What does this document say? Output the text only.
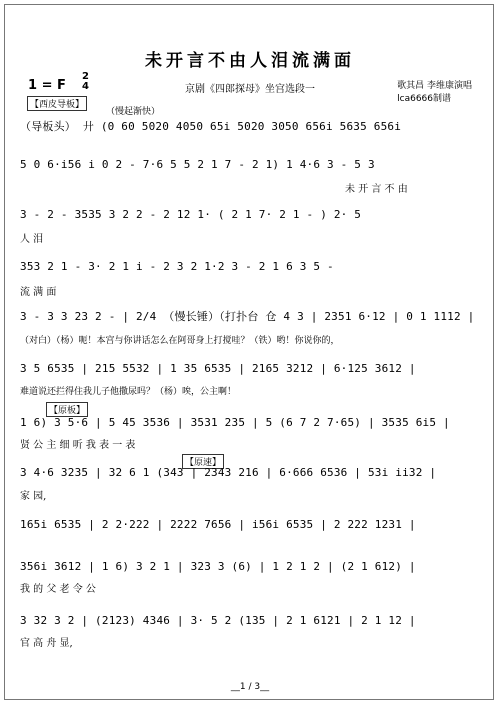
未开言不由人泪流满面
1 = F
2
4	京剧《四郎探母》坐宫选段一	歌其昌 李维康演唱
lca6666制谱
【西皮导板】
（慢起渐快）
（导板头） 廾 (0 60 5020 4050 65i 5020 3050 656i 5635 656i
5 0 6·i56 i 0 2 - 7·6 5 5 2 1 7 - 2 1) 1 4·6 3 - 5 3
未 开 言 不 由
3 - 2 - 3535 3 2 2 - 2 12 1· ( 2 1 7· 2 1 - ) 2· 5
人 泪
353 2 1 - 3· 2 1 i - 2 3 2 1·2 3 - 2 1 6 3 5 -
流 满 面
3 - 3 3 23 2 - | 2/4 （慢长锤）（打扑台 仓 4 3 | 2351 6·12 | 0 1 1112 |
（对白）（杨）呃！本宫与你讲话怎么在阿哥身上打搅哇？（铁）哟！你说你的，
3 5 6535 | 215 5532 | 1 35 6535 | 2165 3212 | 6·125 3612 |
难道说还拦得住我儿子他撒尿吗？（杨）唉，公主啊！
【原板】
1 6) 3 5·6 | 5 45 3536 | 3531 235 | 5 (6 7 2 7·65) | 3535 6i5 |
贤 公 主 细 听 我 表 一 表
【原速】
3 4·6 3235 | 32 6 1 (343 | 2343 216 | 6·666 6536 | 53i ii32 |
家 园,
165i 6535 | 2 2·222 | 2222 7656 | i56i 6535 | 2 222 1231 |
356i 3612 | 1 6) 3 2 1 | 323 3 (6) | 1 2 1 2 | (2 1 612) |
我 的 父 老 令 公
3 32 3 2 | (2123) 4346 | 3· 5 2 (135 | 2 1 6121 | 2 1 12 |
官 高 舟 显,
__1 / 3__
